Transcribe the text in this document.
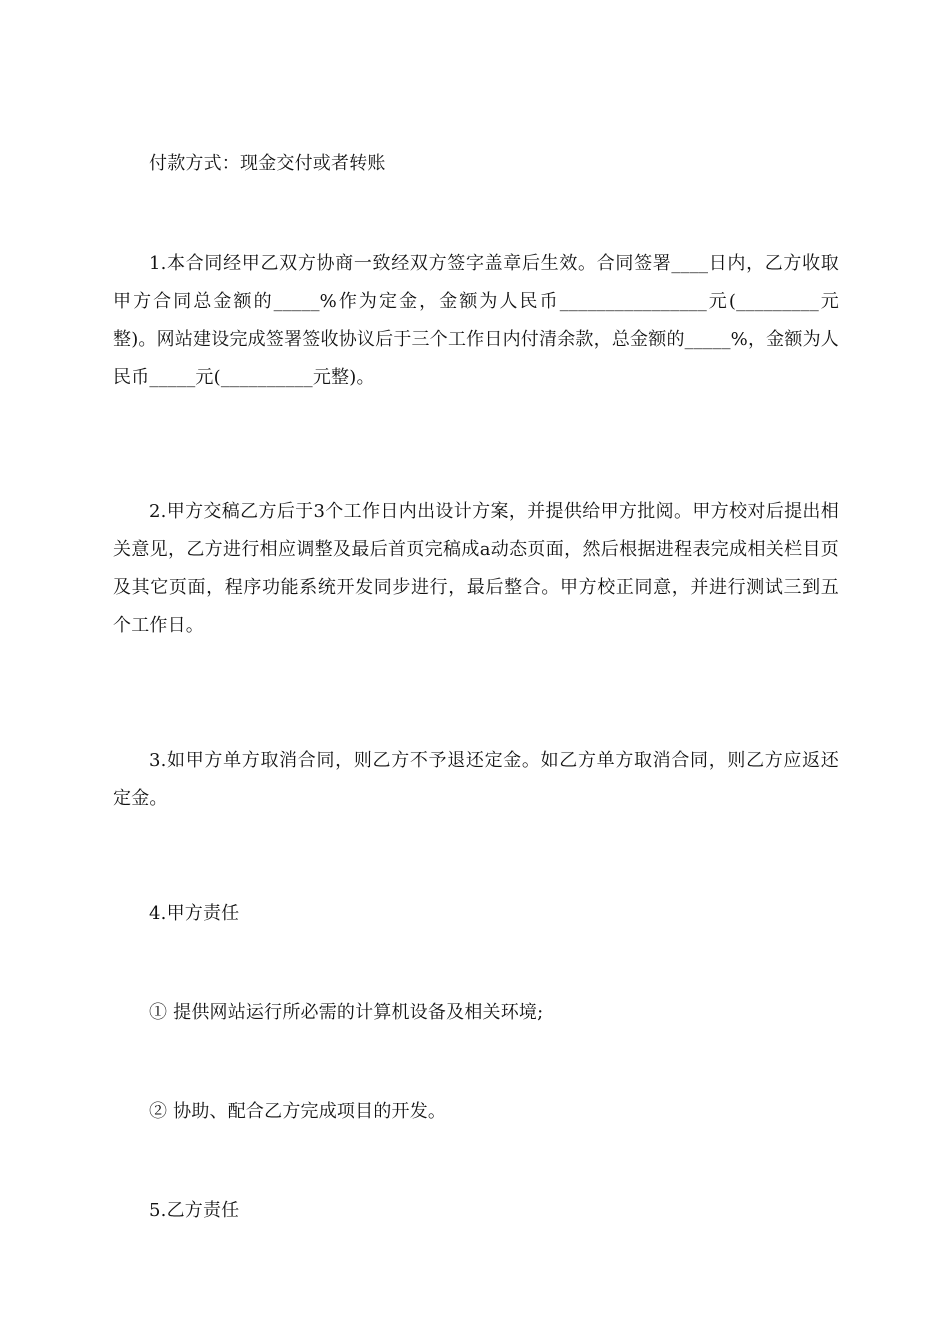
付款方式：现金交付或者转账
1.本合同经甲乙双方协商一致经双方签字盖章后生效。合同签署____日内，乙方收取甲方合同总金额的_____%作为定金，金额为人民币________________元(_________元整)。网站建设完成签署签收协议后于三个工作日内付清余款，总金额的_____%，金额为人民币_____元(__________元整)。
2.甲方交稿乙方后于3个工作日内出设计方案，并提供给甲方批阅。甲方校对后提出相关意见，乙方进行相应调整及最后首页完稿成a动态页面，然后根据进程表完成相关栏目页及其它页面，程序功能系统开发同步进行，最后整合。甲方校正同意，并进行测试三到五个工作日。
3.如甲方单方取消合同，则乙方不予退还定金。如乙方单方取消合同，则乙方应返还定金。
4.甲方责任
① 提供网站运行所必需的计算机设备及相关环境;
② 协助、配合乙方完成项目的开发。
5.乙方责任
